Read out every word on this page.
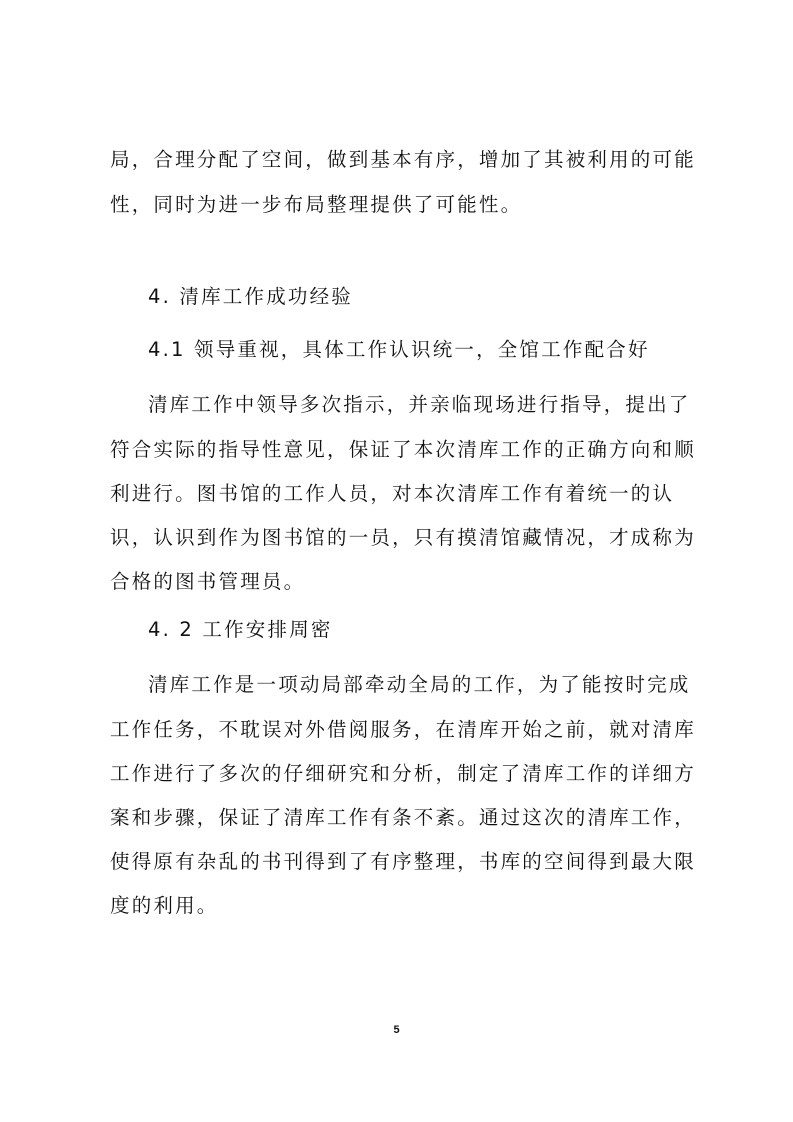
局，合理分配了空间，做到基本有序，增加了其被利用的可能
性，同时为进一步布局整理提供了可能性。
4. 清库工作成功经验
4.1 领导重视，具体工作认识统一，全馆工作配合好
清库工作中领导多次指示，并亲临现场进行指导，提出了
符合实际的指导性意见，保证了本次清库工作的正确方向和顺
利进行。图书馆的工作人员，对本次清库工作有着统一的认
识，认识到作为图书馆的一员，只有摸清馆藏情况，才成称为
合格的图书管理员。
4. 2 工作安排周密
清库工作是一项动局部牵动全局的工作，为了能按时完成
工作任务，不耽误对外借阅服务，在清库开始之前，就对清库
工作进行了多次的仔细研究和分析，制定了清库工作的详细方
案和步骤，保证了清库工作有条不紊。通过这次的清库工作，
使得原有杂乱的书刊得到了有序整理，书库的空间得到最大限
度的利用。
5
